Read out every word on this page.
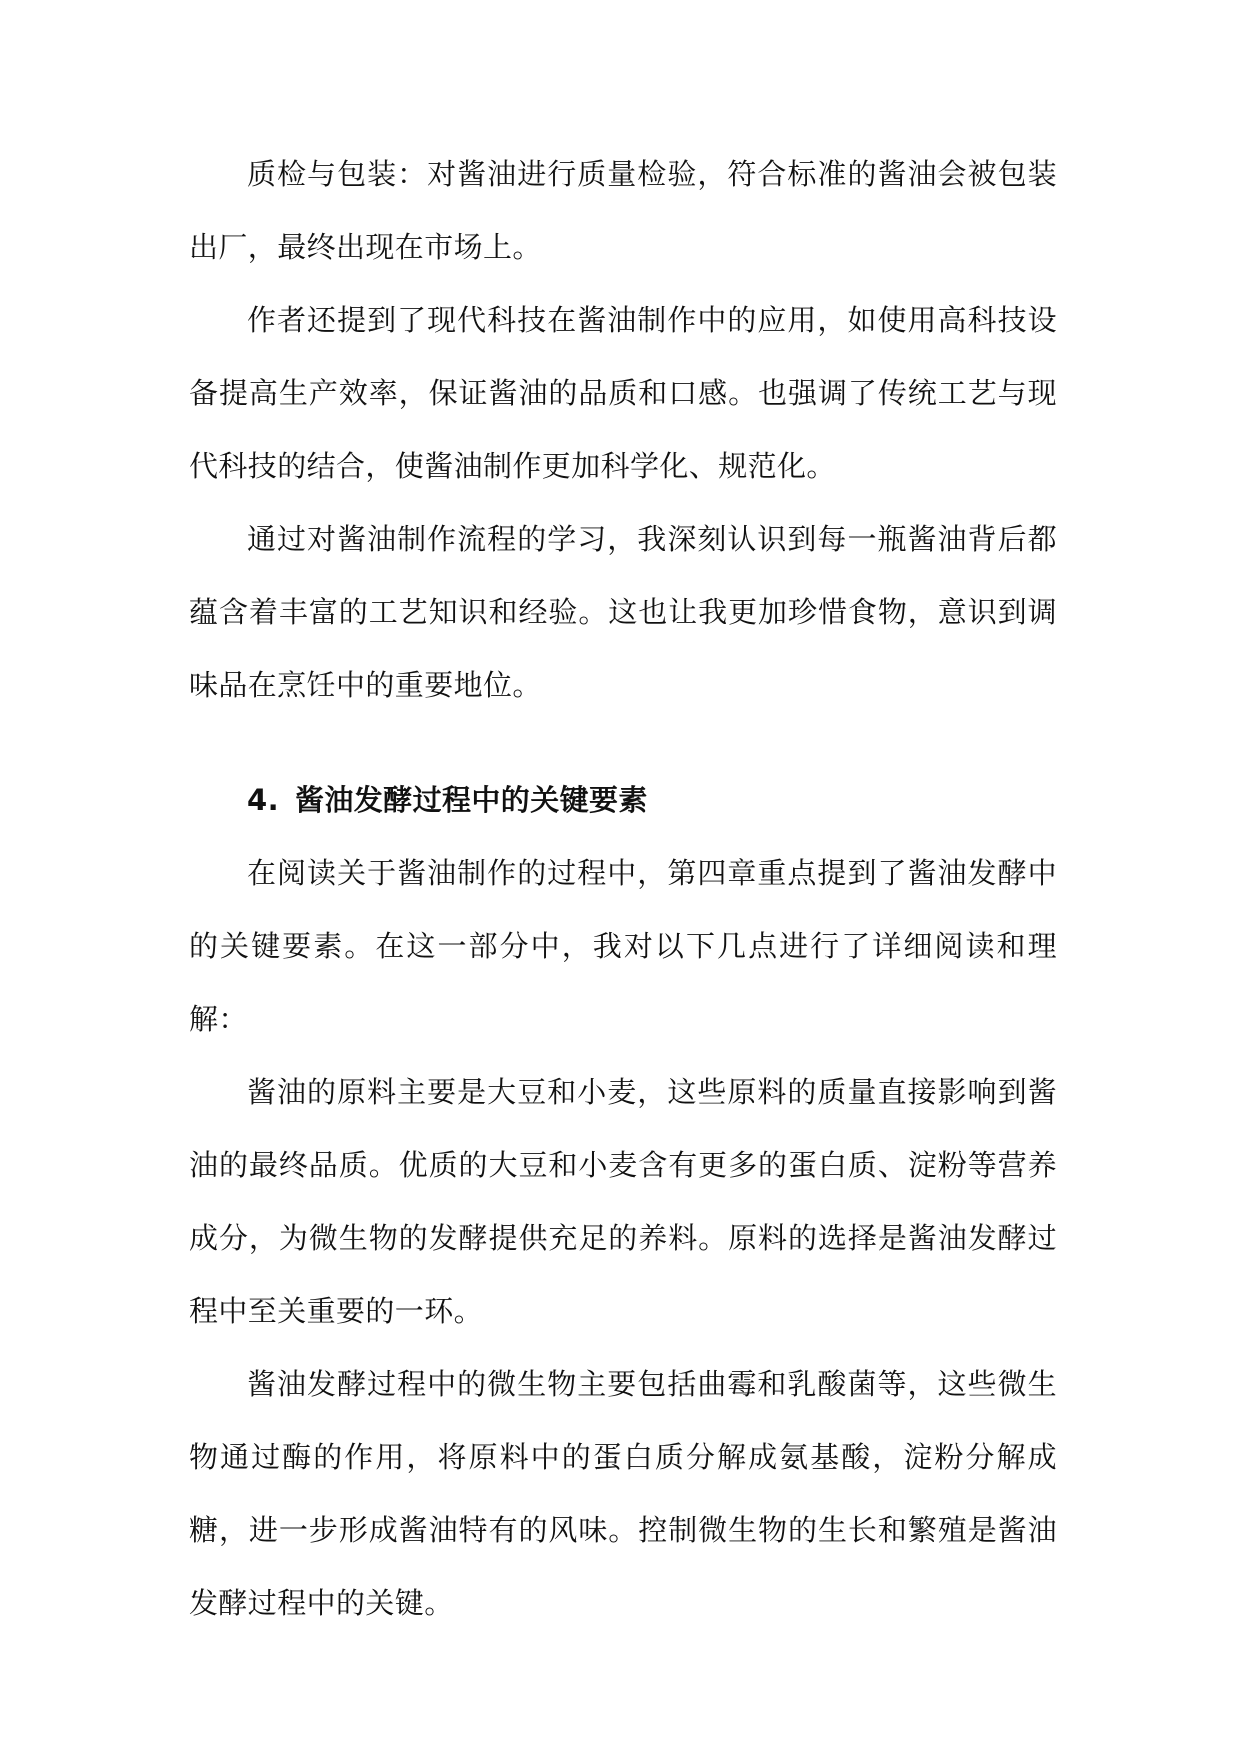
质检与包装：对酱油进行质量检验，符合标准的酱油会被包装出厂，最终出现在市场上。

作者还提到了现代科技在酱油制作中的应用，如使用高科技设备提高生产效率，保证酱油的品质和口感。也强调了传统工艺与现代科技的结合，使酱油制作更加科学化、规范化。

通过对酱油制作流程的学习，我深刻认识到每一瓶酱油背后都蕴含着丰富的工艺知识和经验。这也让我更加珍惜食物，意识到调味品在烹饪中的重要地位。

4. 酱油发酵过程中的关键要素

在阅读关于酱油制作的过程中，第四章重点提到了酱油发酵中的关键要素。在这一部分中，我对以下几点进行了详细阅读和理解：

酱油的原料主要是大豆和小麦，这些原料的质量直接影响到酱油的最终品质。优质的大豆和小麦含有更多的蛋白质、淀粉等营养成分，为微生物的发酵提供充足的养料。原料的选择是酱油发酵过程中至关重要的一环。

酱油发酵过程中的微生物主要包括曲霉和乳酸菌等，这些微生物通过酶的作用，将原料中的蛋白质分解成氨基酸，淀粉分解成糖，进一步形成酱油特有的风味。控制微生物的生长和繁殖是酱油发酵过程中的关键。
